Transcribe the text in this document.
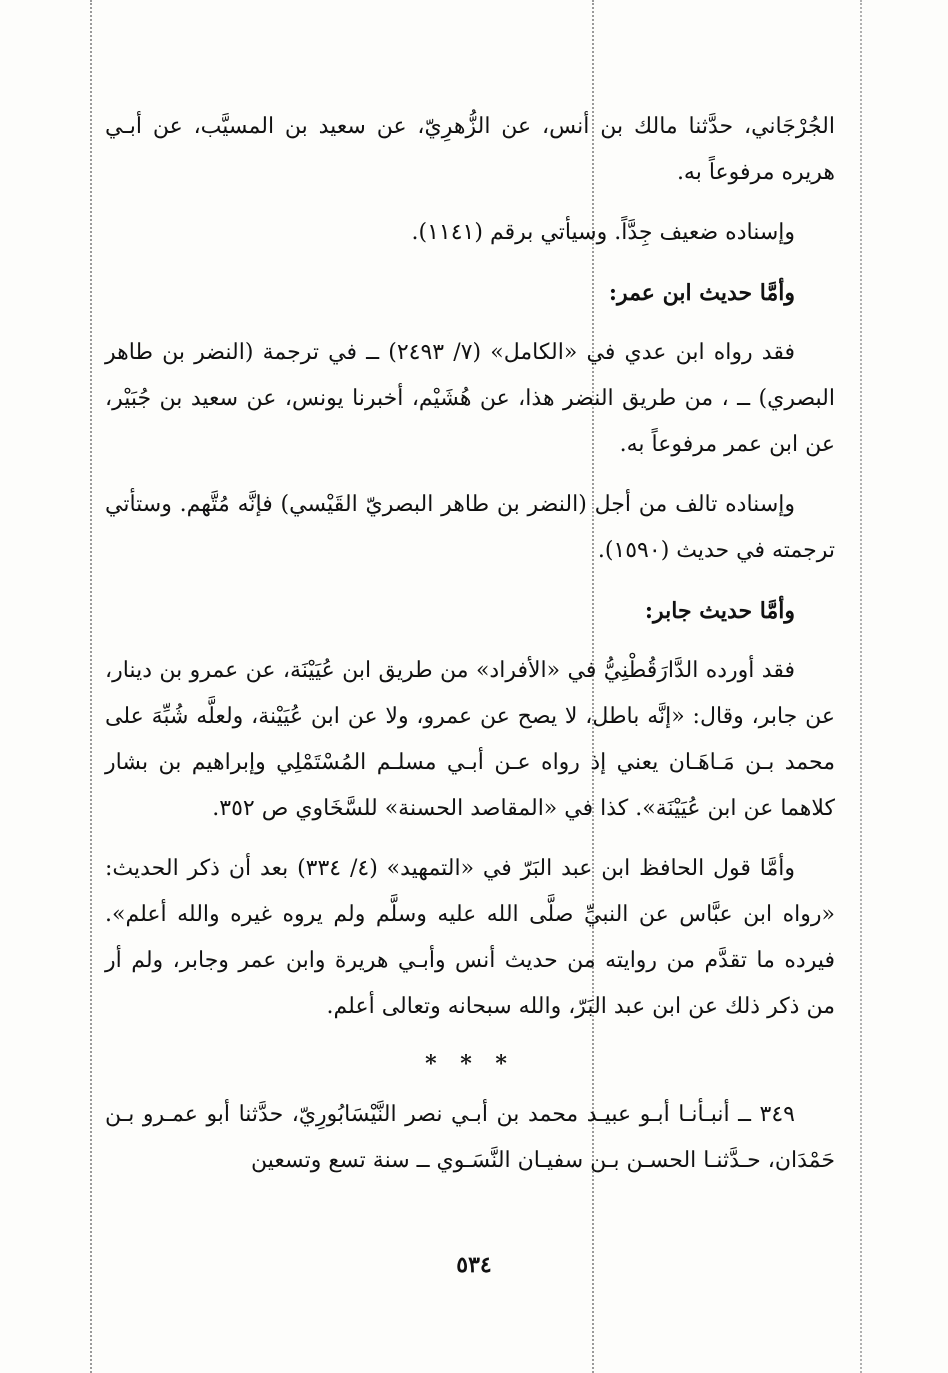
الجُرْجَاني، حدَّثنا مالك بن أنس، عن الزُّهرِيّ، عن سعيد بن المسيَّب، عن أبـي هريره مرفوعاً به.

وإسناده ضعيف جِدَّاً. وسيأتي برقم (١١٤١).

وأمَّا حديث ابن عمر:

فقد رواه ابن عدي في «الكامل» (٧/ ٢٤٩٣) ــ في ترجمة (النضر بن طاهر البصري) ــ ، من طريق النضر هذا، عن هُشَيْم، أخبرنا يونس، عن سعيد بن جُبَيْر، عن ابن عمر مرفوعاً به.

وإسناده تالف من أجل (النضر بن طاهر البصريّ القَيْسي) فإنَّه مُتَّهم. وستأتي ترجمته في حديث (١٥٩٠).

وأمَّا حديث جابر:

فقد أورده الدَّارَقُطْنِيُّ في «الأفراد» من طريق ابن عُيَيْنَة، عن عمرو بن دينار، عن جابر، وقال: «إنَّه باطل، لا يصح عن عمرو، ولا عن ابن عُيَيْنة، ولعلَّه شُبِّهَ على محمد بـن مَـاهَـان يعني إذ رواه عـن أبـي مسلـم المُسْتَمْلِي وإبراهيم بن بشار كلاهما عن ابن عُيَيْنَة». كذا في «المقاصد الحسنة» للسَّخَاوي ص ٣٥٢.

وأمَّا قول الحافظ ابن عبد البَرّ في «التمهيد» (٤/ ٣٣٤) بعد أن ذكر الحديث: «رواه ابن عبَّاس عن النبيِّ صلَّى الله عليه وسلَّم ولم يروه غيره والله أعلم». فيرده ما تقدَّم من روايته من حديث أنس وأبـي هريرة وابن عمر وجابر، ولم أر من ذكر ذلك عن ابن عبد البَرّ، والله سبحانه وتعالى أعلم.

* * *

٣٤٩ ــ أنبـأنـا أبـو عبيـد محمد بن أبـي نصر النَّيْسَابُورِيّ، حدَّثنا أبو عمـرو بـن حَمْدَان، حـدَّثنـا الحسـن بـن سفيـان النَّسَـوي ــ سنة تسع وتسعين

٥٣٤
